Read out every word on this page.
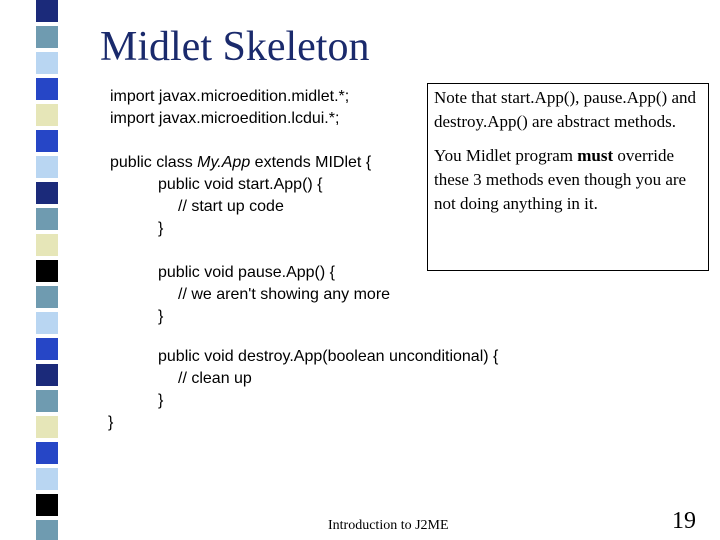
Midlet Skeleton
import javax.microedition.midlet.*;
import javax.microedition.lcdui.*;
public class My.App extends MIDlet {
public void start.App() {
// start up code
}
public void pause.App() {
// we aren't showing any more
}
public void destroy.App(boolean unconditional) {
// clean up
}
}

Note that start.App(), pause.App() and destroy.App() are abstract methods.

You Midlet program must override these 3 methods even though you are not doing anything in it.

Introduction to J2ME	19
